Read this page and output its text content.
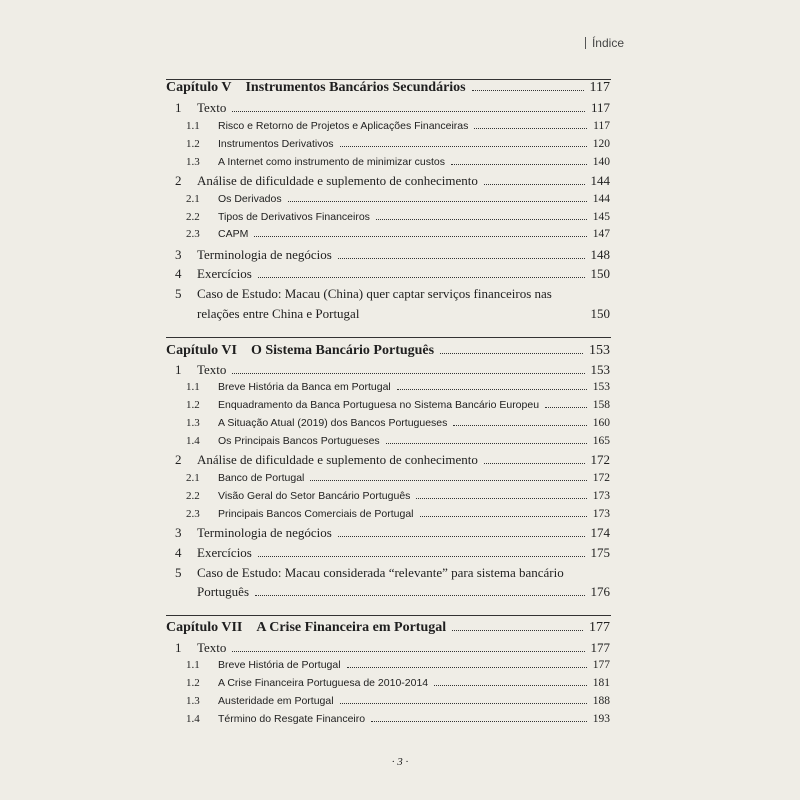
Índice
Capítulo V Instrumentos Bancários Secundários	117
1	Texto	117
1.1	Risco e Retorno de Projetos e Aplicações Financeiras	117
1.2	Instrumentos Derivativos	120
1.3	A Internet como instrumento de minimizar custos	140
2	Análise de dificuldade e suplemento de conhecimento	144
2.1	Os Derivados	144
2.2	Tipos de Derivativos Financeiros	145
2.3	CAPM	147
3	Terminologia de negócios	148
4	Exercícios	150
5	Caso de Estudo: Macau (China) quer captar serviços financeiros nas
relações entre China e Portugal	150
Capítulo VI O Sistema Bancário Português	153
1	Texto	153
1.1	Breve História da Banca em Portugal	153
1.2	Enquadramento da Banca Portuguesa no Sistema Bancário Europeu	158
1.3	A Situação Atual (2019) dos Bancos Portugueses	160
1.4	Os Principais Bancos Portugueses	165
2	Análise de dificuldade e suplemento de conhecimento	172
2.1	Banco de Portugal	172
2.2	Visão Geral do Setor Bancário Português	173
2.3	Principais Bancos Comerciais de Portugal	173
3	Terminologia de negócios	174
4	Exercícios	175
5	Caso de Estudo: Macau considerada “relevante” para sistema bancário
Português	176
Capítulo VII A Crise Financeira em Portugal	177
1	Texto	177
1.1	Breve História de Portugal	177
1.2	A Crise Financeira Portuguesa de 2010-2014	181
1.3	Austeridade em Portugal	188
1.4	Término do Resgate Financeiro	193
· 3 ·
